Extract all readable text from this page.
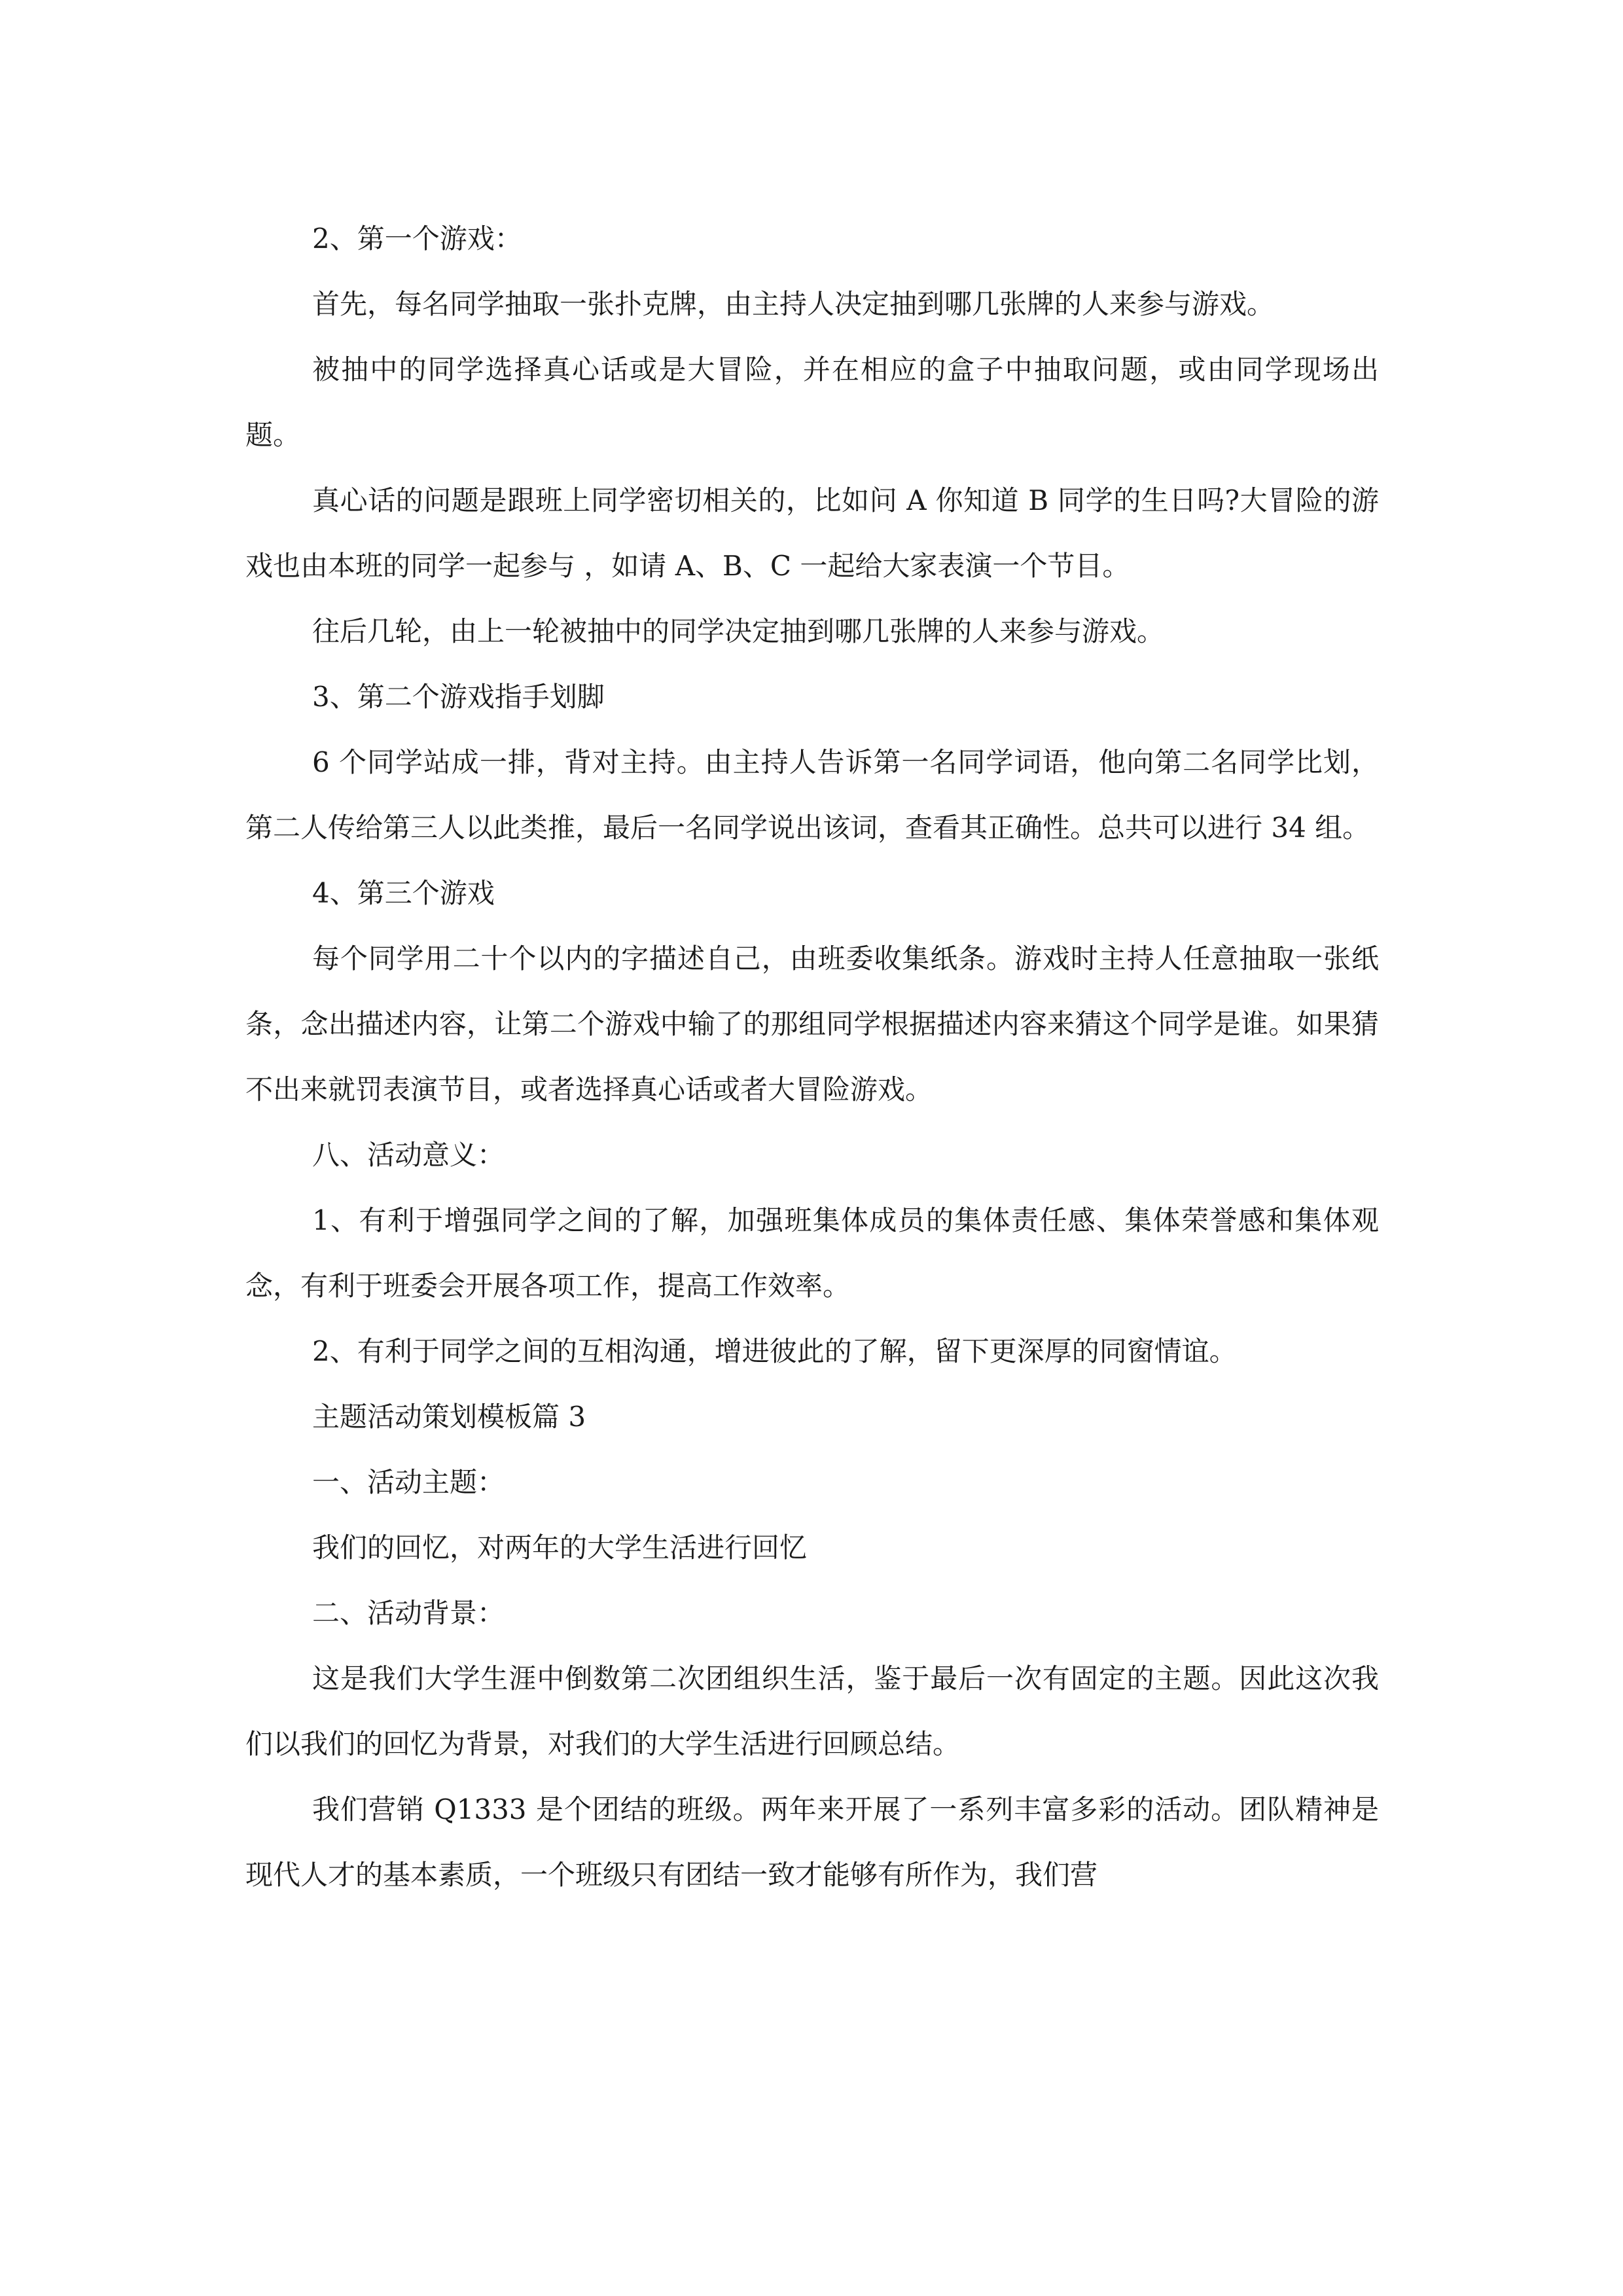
2、第一个游戏：

首先，每名同学抽取一张扑克牌，由主持人决定抽到哪几张牌的人来参与游戏。

被抽中的同学选择真心话或是大冒险，并在相应的盒子中抽取问题，或由同学现场出题。

真心话的问题是跟班上同学密切相关的，比如问 A 你知道 B 同学的生日吗?大冒险的游戏也由本班的同学一起参与 ，如请 A、B、C 一起给大家表演一个节目。

往后几轮，由上一轮被抽中的同学决定抽到哪几张牌的人来参与游戏。

3、第二个游戏指手划脚

6 个同学站成一排，背对主持。由主持人告诉第一名同学词语，他向第二名同学比划，第二人传给第三人以此类推，最后一名同学说出该词，查看其正确性。总共可以进行 34 组。

4、第三个游戏

每个同学用二十个以内的字描述自己，由班委收集纸条。游戏时主持人任意抽取一张纸条，念出描述内容，让第二个游戏中输了的那组同学根据描述内容来猜这个同学是谁。如果猜不出来就罚表演节目，或者选择真心话或者大冒险游戏。

八、活动意义：

1、有利于增强同学之间的了解，加强班集体成员的集体责任感、集体荣誉感和集体观念，有利于班委会开展各项工作，提高工作效率。

2、有利于同学之间的互相沟通，增进彼此的了解，留下更深厚的同窗情谊。

主题活动策划模板篇 3

一、活动主题：

我们的回忆，对两年的大学生活进行回忆

二、活动背景：

这是我们大学生涯中倒数第二次团组织生活，鉴于最后一次有固定的主题。因此这次我们以我们的回忆为背景，对我们的大学生活进行回顾总结。

我们营销 Q1333 是个团结的班级。两年来开展了一系列丰富多彩的活动。团队精神是现代人才的基本素质，一个班级只有团结一致才能够有所作为，我们营
